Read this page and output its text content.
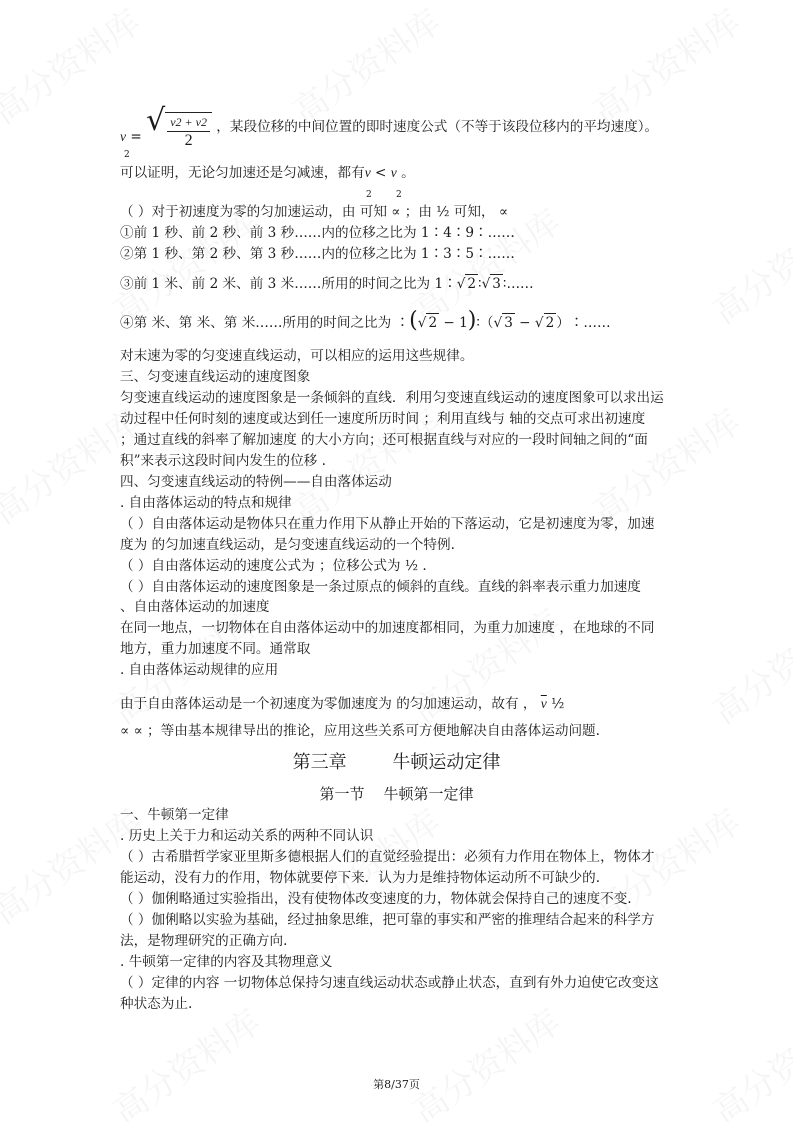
v
2
= √ $\frac{v2 + v2}{2}$ ，某段位移的中间位置的即时速度公式（不等于该段位移内的平均速度）。
可以证明，无论匀加速还是匀减速，都有v < v 。
2	2
（ ）对于初速度为零的匀加速运动，由 可知 ∝ ；由 ½ 可知， ∝
①前 1 秒、前 2 秒、前 3 秒……内的位移之比为 1∶4∶9∶……
②第 1 秒、第 2 秒、第 3 秒……内的位移之比为 1∶3∶5∶……
③前 1 米、前 2 米、前 3 米……所用的时间之比为 1∶√ 2 ∶√ 3 ∶……
④第 米、第 米、第 米……所用的时间之比为 ∶(√ 2 − 1)∶（√ 3 − √ 2 ）∶……
对末速为零的匀变速直线运动，可以相应的运用这些规律。
三、匀变速直线运动的速度图象
匀变速直线运动的速度图象是一条倾斜的直线．利用匀变速直线运动的速度图象可以求出运
动过程中任何时刻的速度或达到任一速度所历时间 ；利用直线与 轴的交点可求出初速度
；通过直线的斜率了解加速度 的大小方向；还可根据直线与对应的一段时间轴之间的“面
积”来表示这段时间内发生的位移 .
四、匀变速直线运动的特例——自由落体运动
. 自由落体运动的特点和规律
（ ）自由落体运动是物体只在重力作用下从静止开始的下落运动，它是初速度为零，加速
度为 的匀加速直线运动，是匀变速直线运动的一个特例.
（ ）自由落体运动的速度公式为 ；位移公式为 ½ .
（ ）自由落体运动的速度图象是一条过原点的倾斜的直线。直线的斜率表示重力加速度
、自由落体运动的加速度
在同一地点，一切物体在自由落体运动中的加速度都相同，为重力加速度 ，在地球的不同
地方，重力加速度不同。通常取
. 自由落体运动规律的应用
由于自由落体运动是一个初速度为零伽速度为 的匀加速运动，故有 ， $\overline{v}$ ½
∝ ∝ ；等由基本规律导出的推论，应用这些关系可方便地解决自由落体运动问题.
第三章        牛顿运动定律
第一节    牛顿第一定律
一、牛顿第一定律
. 历史上关于力和运动关系的两种不同认识
（ ）古希腊哲学家亚里斯多德根据人们的直觉经验提出：必须有力作用在物体上，物体才
能运动，没有力的作用，物体就要停下来．认为力是维持物体运动所不可缺少的.
（ ）伽俐略通过实验指出，没有使物体改变速度的力，物体就会保持自己的速度不变.
（ ）伽俐略以实验为基础，经过抽象思维，把可靠的事实和严密的推理结合起来的科学方
法，是物理研究的正确方向.
. 牛顿第一定律的内容及其物理意义
（ ）定律的内容 一切物体总保持匀速直线运动状态或静止状态，直到有外力迫使它改变这
种状态为止.
第8/37页
